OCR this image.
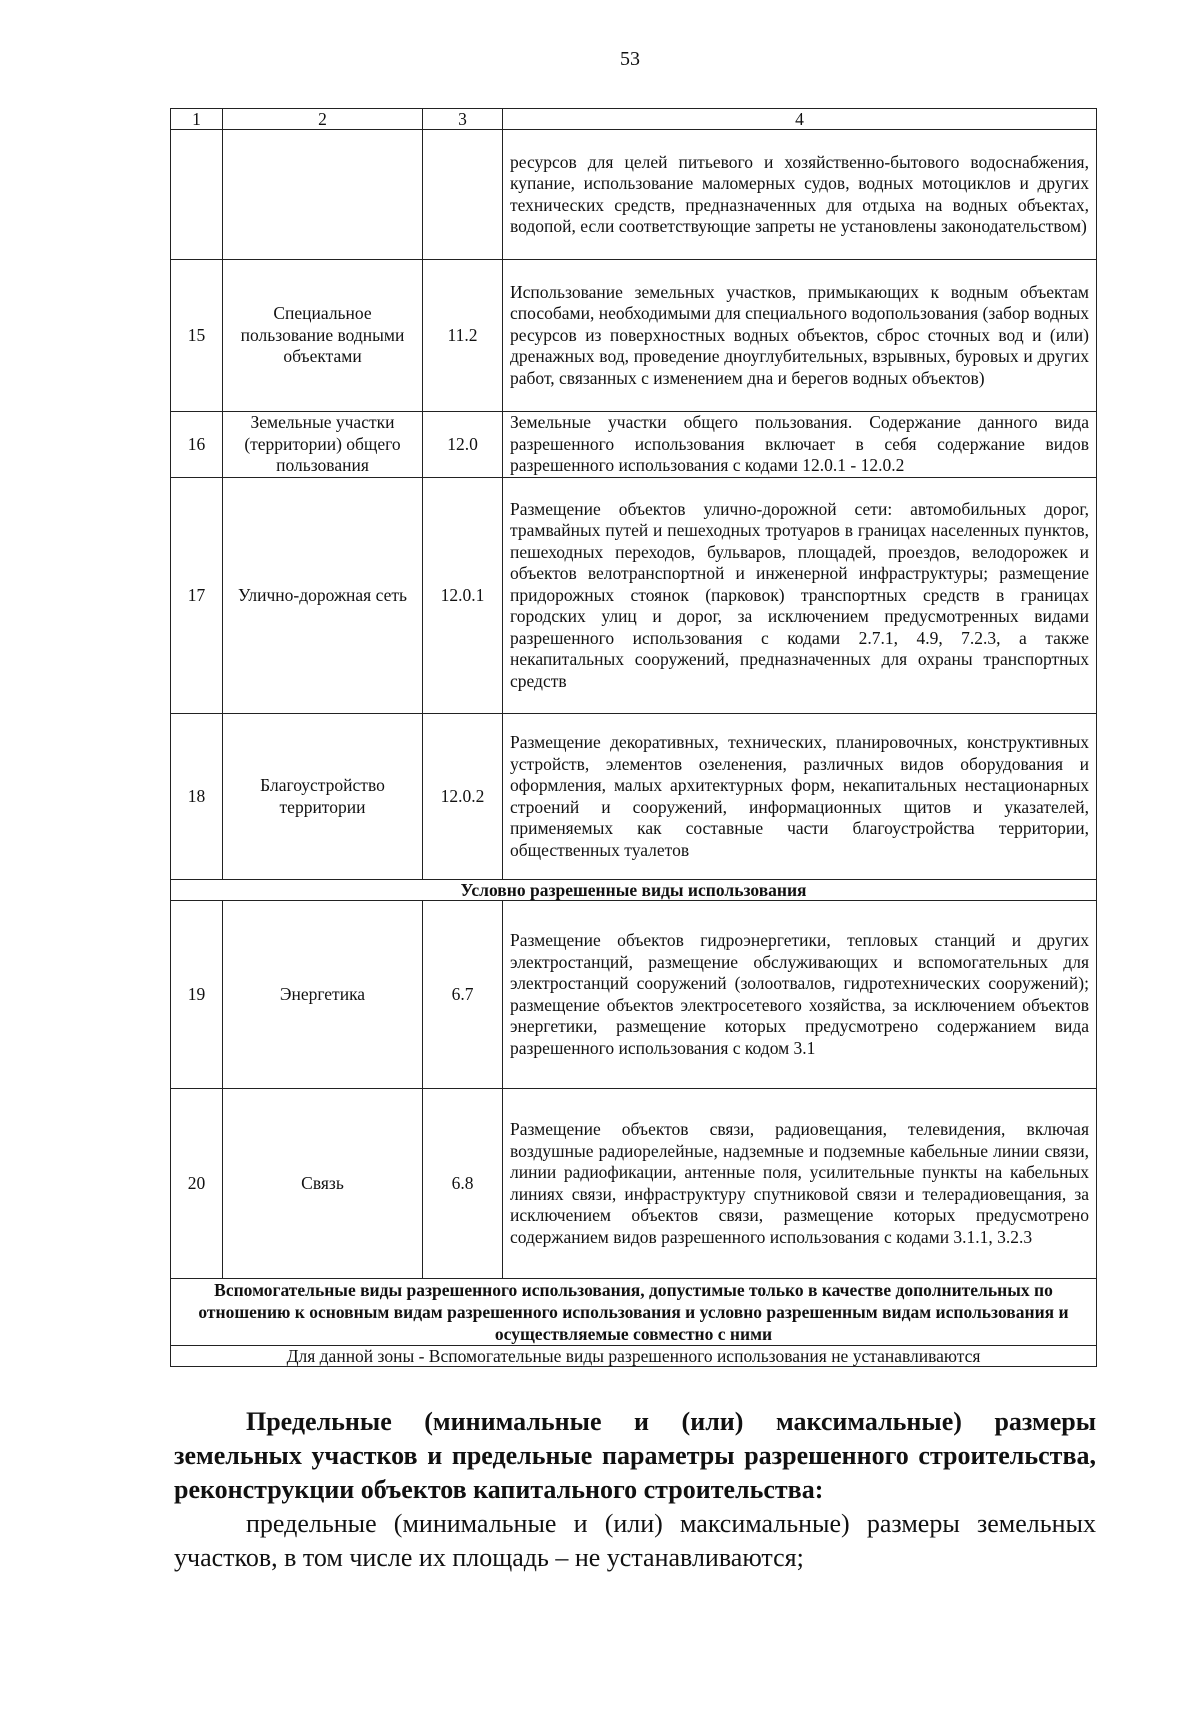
53
1	2	3	4
			ресурсов для целей питьевого и хозяйственно-бытового водоснабжения, купание, использование маломерных судов, водных мотоциклов и других технических средств, предназначенных для отдыха на водных объектах, водопой, если соответствующие запреты не установлены законодательством)
15	Специальное пользование водными объектами	11.2	Использование земельных участков, примыкающих к водным объектам способами, необходимыми для специального водопользования (забор водных ресурсов из поверхностных водных объектов, сброс сточных вод и (или) дренажных вод, проведение дноуглубительных, взрывных, буровых и других работ, связанных с изменением дна и берегов водных объектов)
16	Земельные участки (территории) общего пользования	12.0	Земельные участки общего пользования. Содержание данного вида разрешенного использования включает в себя содержание видов разрешенного использования с кодами 12.0.1 - 12.0.2
17	Улично-дорожная сеть	12.0.1	Размещение объектов улично-дорожной сети: автомобильных дорог, трамвайных путей и пешеходных тротуаров в границах населенных пунктов, пешеходных переходов, бульваров, площадей, проездов, велодорожек и объектов велотранспортной и инженерной инфраструктуры; размещение придорожных стоянок (парковок) транспортных средств в границах городских улиц и дорог, за исключением предусмотренных видами разрешенного использования с кодами 2.7.1, 4.9, 7.2.3, а также некапитальных сооружений, предназначенных для охраны транспортных средств
18	Благоустройство территории	12.0.2	Размещение декоративных, технических, планировочных, конструктивных устройств, элементов озеленения, различных видов оборудования и оформления, малых архитектурных форм, некапитальных нестационарных строений и сооружений, информационных щитов и указателей, применяемых как составные части благоустройства территории, общественных туалетов
Условно разрешенные виды использования			
19	Энергетика	6.7	Размещение объектов гидроэнергетики, тепловых станций и других электростанций, размещение обслуживающих и вспомогательных для электростанций сооружений (золоотвалов, гидротехнических сооружений); размещение объектов электросетевого хозяйства, за исключением объектов энергетики, размещение которых предусмотрено содержанием вида разрешенного использования с кодом 3.1
20	Связь	6.8	Размещение объектов связи, радиовещания, телевидения, включая воздушные радиорелейные, надземные и подземные кабельные линии связи, линии радиофикации, антенные поля, усилительные пункты на кабельных линиях связи, инфраструктуру спутниковой связи и телерадиовещания, за исключением объектов связи, размещение которых предусмотрено содержанием видов разрешенного использования с кодами 3.1.1, 3.2.3
Вспомогательные виды разрешенного использования, допустимые только в качестве дополнительных по отношению к основным видам разрешенного использования и условно разрешенным видам использования и осуществляемые совместно с ними			
Для данной зоны - Вспомогательные виды разрешенного использования не устанавливаются			
Предельные (минимальные и (или) максимальные) размеры земельных участков и предельные параметры разрешенного строительства, реконструкции объектов капитального строительства:
предельные (минимальные и (или) максимальные) размеры земельных участков, в том числе их площадь – не устанавливаются;
